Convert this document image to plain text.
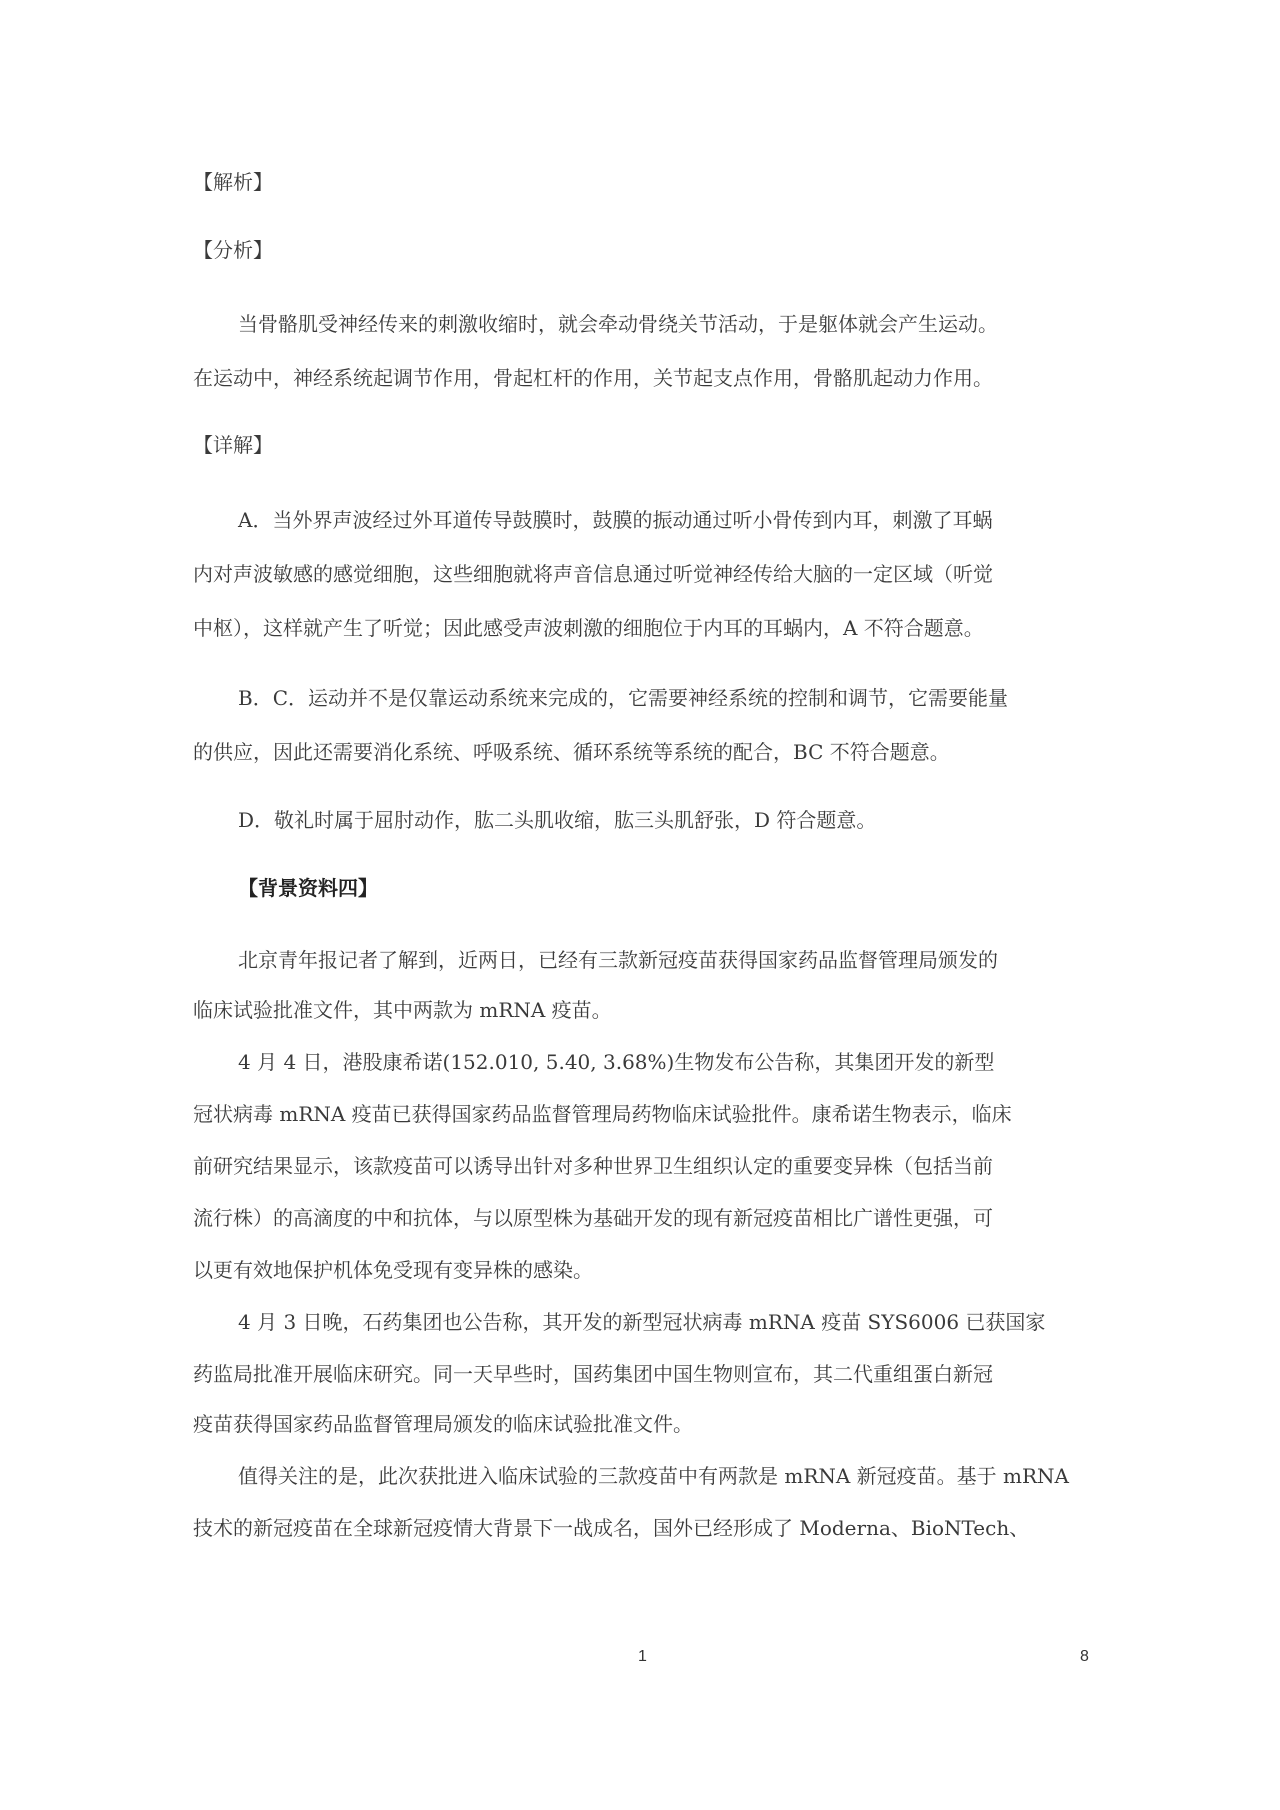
【解析】

【分析】

当骨骼肌受神经传来的刺激收缩时，就会牵动骨绕关节活动，于是躯体就会产生运动。

在运动中，神经系统起调节作用，骨起杠杆的作用，关节起支点作用，骨骼肌起动力作用。

【详解】

A．当外界声波经过外耳道传导鼓膜时，鼓膜的振动通过听小骨传到内耳，刺激了耳蜗

内对声波敏感的感觉细胞，这些细胞就将声音信息通过听觉神经传给大脑的一定区域（听觉

中枢），这样就产生了听觉；因此感受声波刺激的细胞位于内耳的耳蜗内，A 不符合题意。

B．C．运动并不是仅靠运动系统来完成的，它需要神经系统的控制和调节，它需要能量

的供应，因此还需要消化系统、呼吸系统、循环系统等系统的配合，BC 不符合题意。

D．敬礼时属于屈肘动作，肱二头肌收缩，肱三头肌舒张，D 符合题意。

【背景资料四】

北京青年报记者了解到，近两日，已经有三款新冠疫苗获得国家药品监督管理局颁发的

临床试验批准文件，其中两款为 mRNA 疫苗。

4 月 4 日，港股康希诺(152.010, 5.40, 3.68%)生物发布公告称，其集团开发的新型

冠状病毒 mRNA 疫苗已获得国家药品监督管理局药物临床试验批件。康希诺生物表示，临床

前研究结果显示，该款疫苗可以诱导出针对多种世界卫生组织认定的重要变异株（包括当前

流行株）的高滴度的中和抗体，与以原型株为基础开发的现有新冠疫苗相比广谱性更强，可

以更有效地保护机体免受现有变异株的感染。

4 月 3 日晚，石药集团也公告称，其开发的新型冠状病毒 mRNA 疫苗 SYS6006 已获国家

药监局批准开展临床研究。同一天早些时，国药集团中国生物则宣布，其二代重组蛋白新冠

疫苗获得国家药品监督管理局颁发的临床试验批准文件。

值得关注的是，此次获批进入临床试验的三款疫苗中有两款是 mRNA 新冠疫苗。基于 mRNA

技术的新冠疫苗在全球新冠疫情大背景下一战成名，国外已经形成了 Moderna、BioNTech、

1	8
